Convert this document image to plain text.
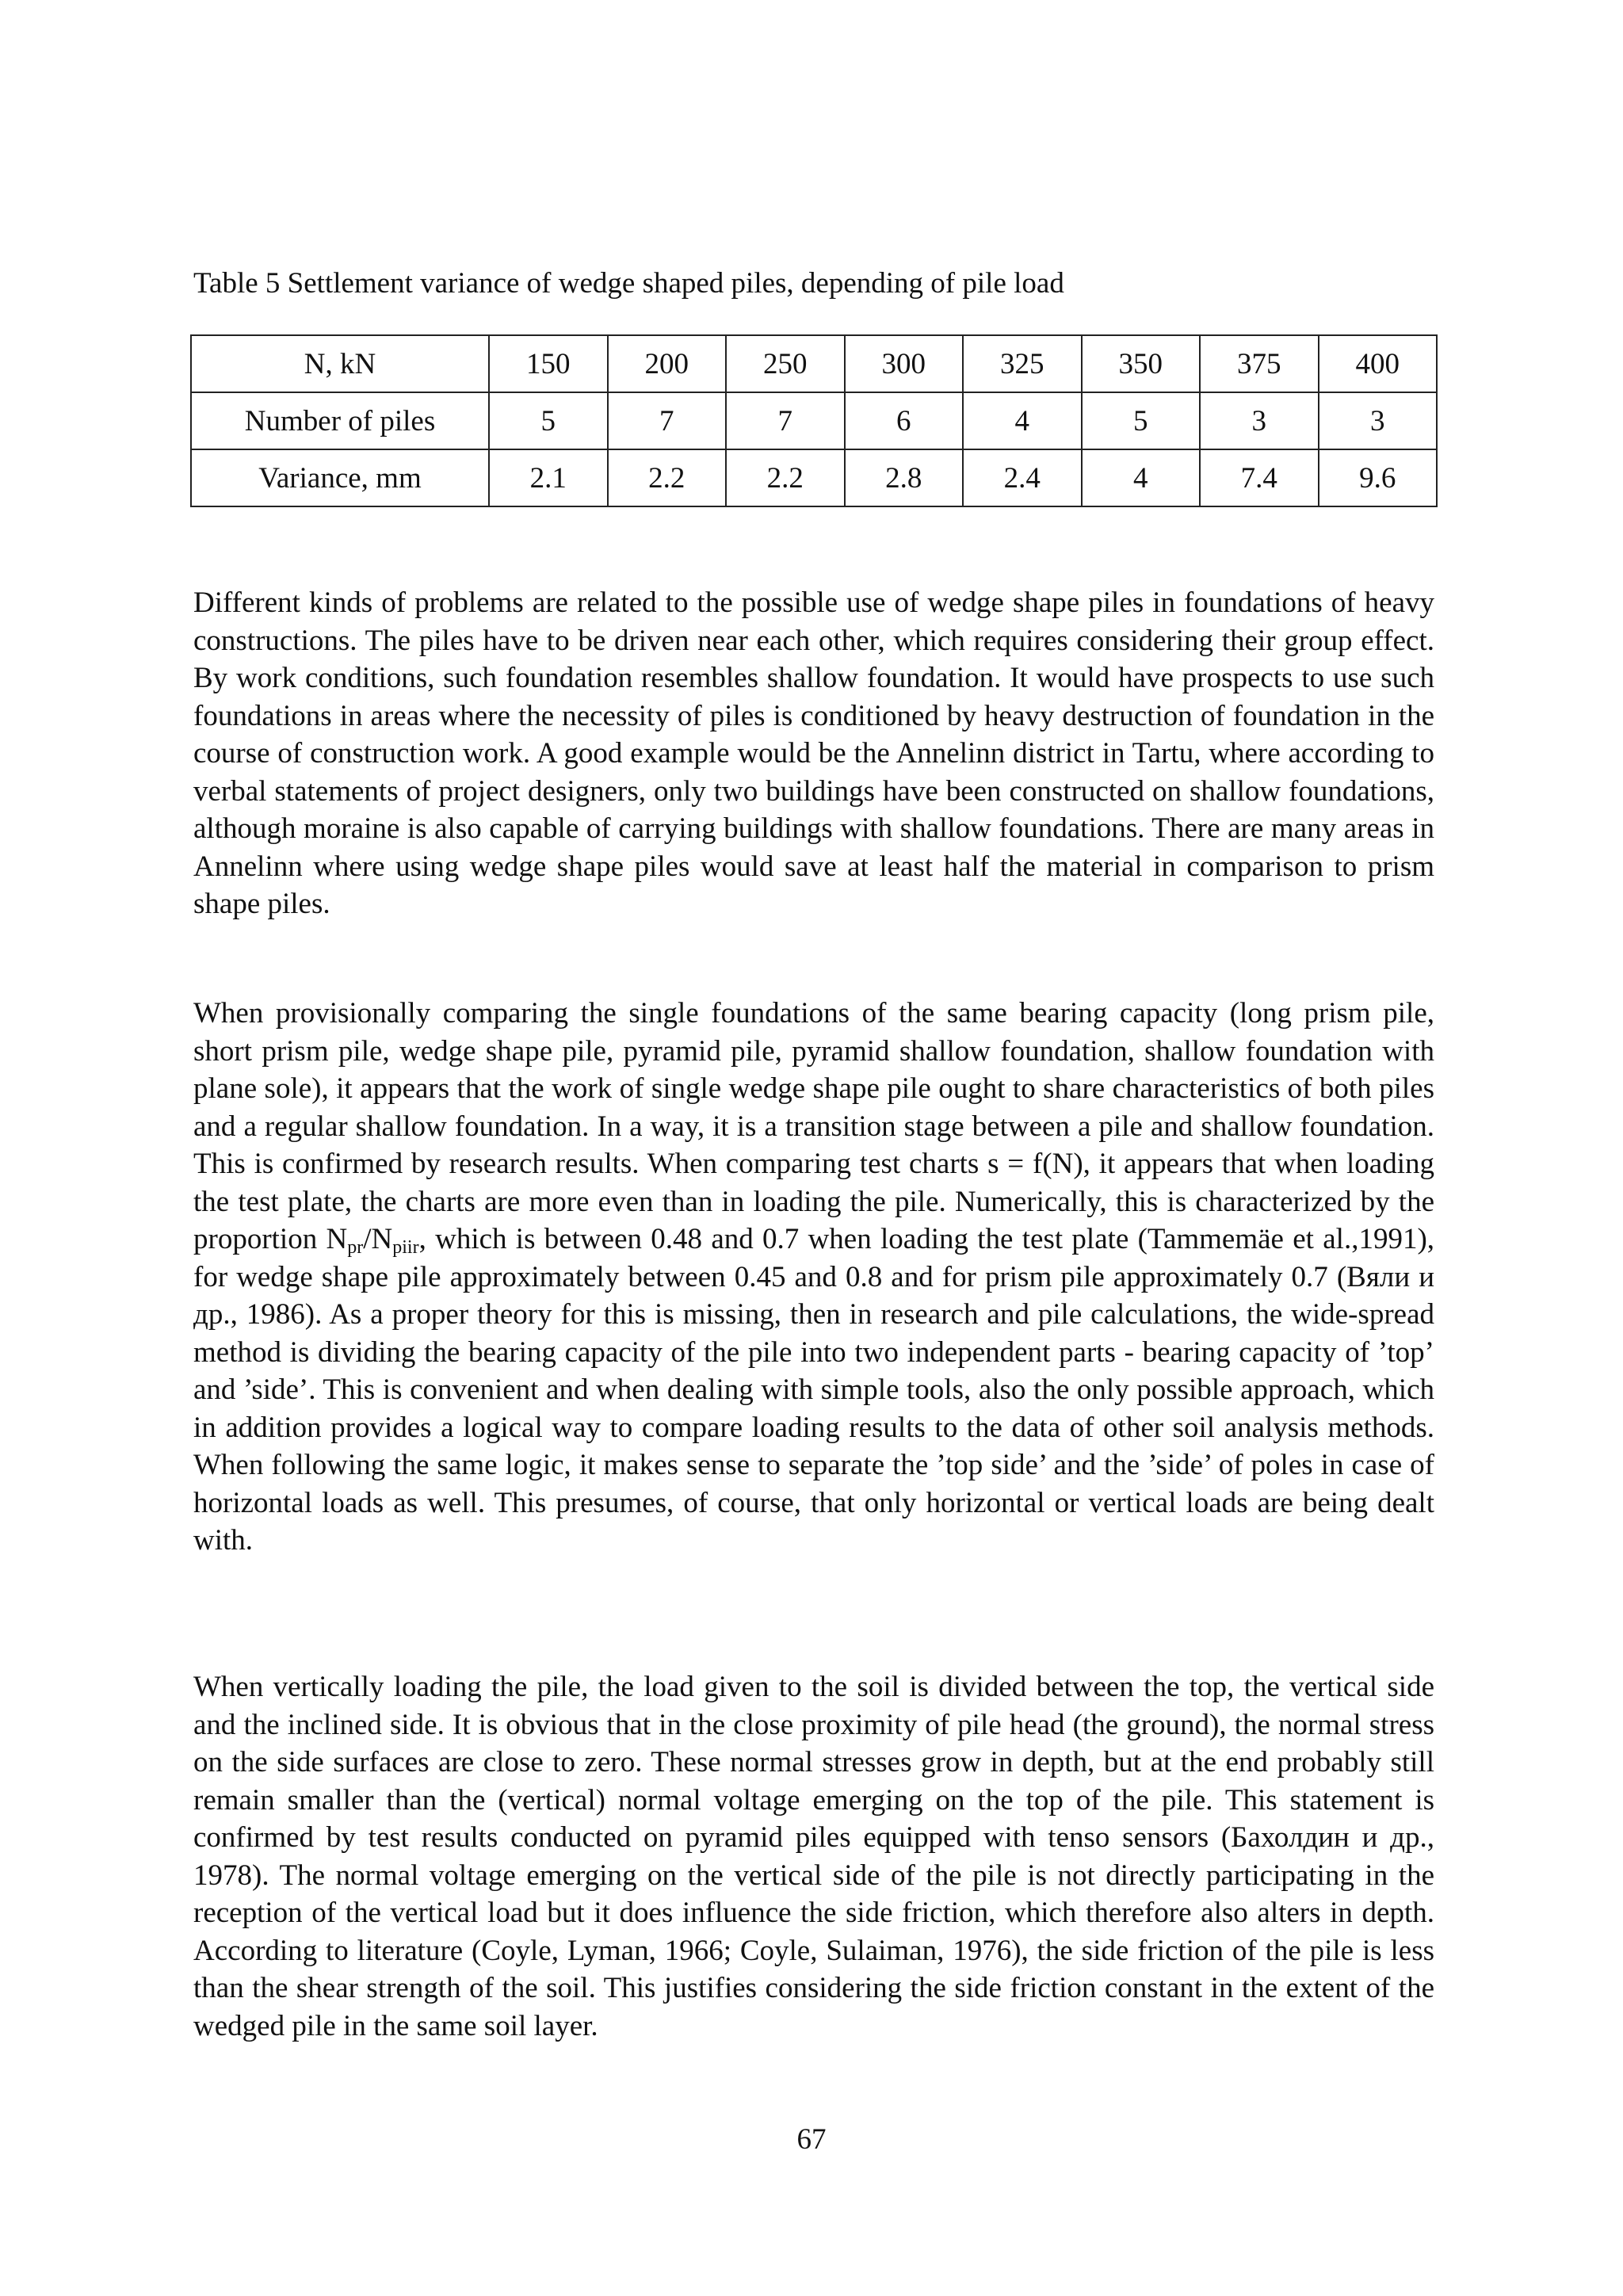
Table 5 Settlement variance of wedge shaped piles, depending of pile load
N, kN	150	200	250	300	325	350	375	400
Number of piles	5	7	7	6	4	5	3	3
Variance, mm	2.1	2.2	2.2	2.8	2.4	4	7.4	9.6

Different kinds of problems are related to the possible use of wedge shape piles in foundations of heavy constructions. The piles have to be driven near each other, which requires considering their group effect. By work conditions, such foundation resembles shallow foundation. It would have prospects to use such foundations in areas where the necessity of piles is conditioned by heavy destruction of foundation in the course of construction work. A good example would be the Annelinn district in Tartu, where according to verbal statements of project designers, only two buildings have been constructed on shallow foundations, although moraine is also capable of carrying buildings with shallow foundations. There are many areas in Annelinn where using wedge shape piles would save at least half the material in comparison to prism shape piles.

When provisionally comparing the single foundations of the same bearing capacity (long prism pile, short prism pile, wedge shape pile, pyramid pile, pyramid shallow foundation, shallow foundation with plane sole), it appears that the work of single wedge shape pile ought to share characteristics of both piles and a regular shallow foundation. In a way, it is a transition stage between a pile and shallow foundation. This is confirmed by research results. When comparing test charts s = f(N), it appears that when loading the test plate, the charts are more even than in loading the pile. Numerically, this is characterized by the proportion $N_{pr}/N_{piir}$, which is between 0.48 and 0.7 when loading the test plate (Tammemäe et al.,1991), for wedge shape pile approximately between 0.45 and 0.8 and for prism pile approximately 0.7 (Вяли и др., 1986). As a proper theory for this is missing, then in research and pile calculations, the wide-spread method is dividing the bearing capacity of the pile into two independent parts - bearing capacity of ’top’ and ’side’. This is convenient and when dealing with simple tools, also the only possible approach, which in addition provides a logical way to compare loading results to the data of other soil analysis methods. When following the same logic, it makes sense to separate the ’top side’ and the ’side’ of poles in case of horizontal loads as well. This presumes, of course, that only horizontal or vertical loads are being dealt with.

When vertically loading the pile, the load given to the soil is divided between the top, the vertical side and the inclined side. It is obvious that in the close proximity of pile head (the ground), the normal stress on the side surfaces are close to zero. These normal stresses grow in depth, but at the end probably still remain smaller than the (vertical) normal voltage emerging on the top of the pile. This statement is confirmed by test results conducted on pyramid piles equipped with tenso sensors (Бахолдин и др., 1978). The normal voltage emerging on the vertical side of the pile is not directly participating in the reception of the vertical load but it does influence the side friction, which therefore also alters in depth. According to literature (Coyle, Lyman, 1966; Coyle, Sulaiman, 1976), the side friction of the pile is less than the shear strength of the soil. This justifies considering the side friction constant in the extent of the wedged pile in the same soil layer.

67
